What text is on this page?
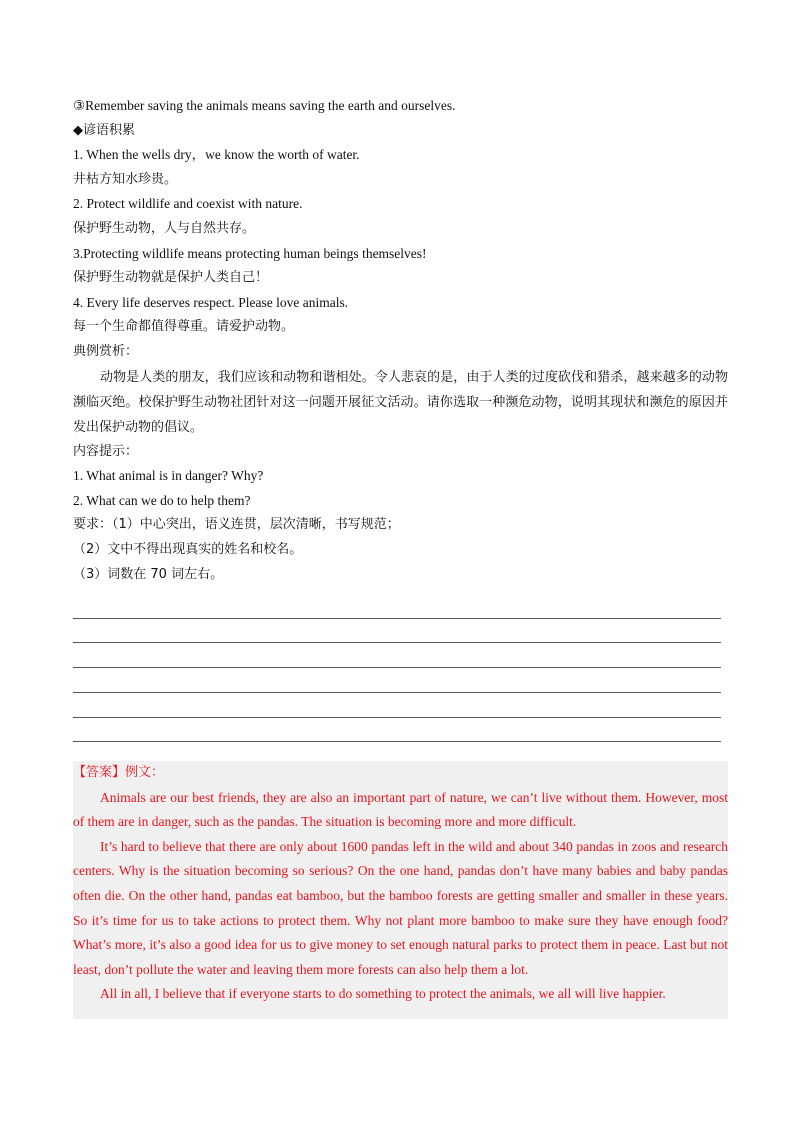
③Remember saving the animals means saving the earth and ourselves.
◆谚语积累
1. When the wells dry，we know the worth of water.
井枯方知水珍贵。
2. Protect wildlife and coexist with nature.
保护野生动物，人与自然共存。
3.Protecting wildlife means protecting human beings themselves!
保护野生动物就是保护人类自己！
4. Every life deserves respect. Please love animals.
每一个生命都值得尊重。请爱护动物。
典例赏析：
动物是人类的朋友，我们应该和动物和谐相处。令人悲哀的是，由于人类的过度砍伐和猎杀，越来越多的动物濒临灭绝。校保护野生动物社团针对这一问题开展征文活动。请你选取一种濒危动物，说明其现状和濒危的原因并发出保护动物的倡议。
内容提示：
1. What animal is in danger? Why?
2. What can we do to help them?
要求：（1）中心突出，语义连贯，层次清晰，书写规范；
（2）文中不得出现真实的姓名和校名。
（3）词数在 70 词左右。
【答案】例文：
Animals are our best friends, they are also an important part of nature, we can’t live without them. However, most of them are in danger, such as the pandas. The situation is becoming more and more difficult.
It’s hard to believe that there are only about 1600 pandas left in the wild and about 340 pandas in zoos and research centers. Why is the situation becoming so serious? On the one hand, pandas don’t have many babies and baby pandas often die. On the other hand, pandas eat bamboo, but the bamboo forests are getting smaller and smaller in these years. So it’s time for us to take actions to protect them. Why not plant more bamboo to make sure they have enough food? What’s more, it’s also a good idea for us to give money to set enough natural parks to protect them in peace. Last but not least, don’t pollute the water and leaving them more forests can also help them a lot.
All in all, I believe that if everyone starts to do something to protect the animals, we all will live happier.
